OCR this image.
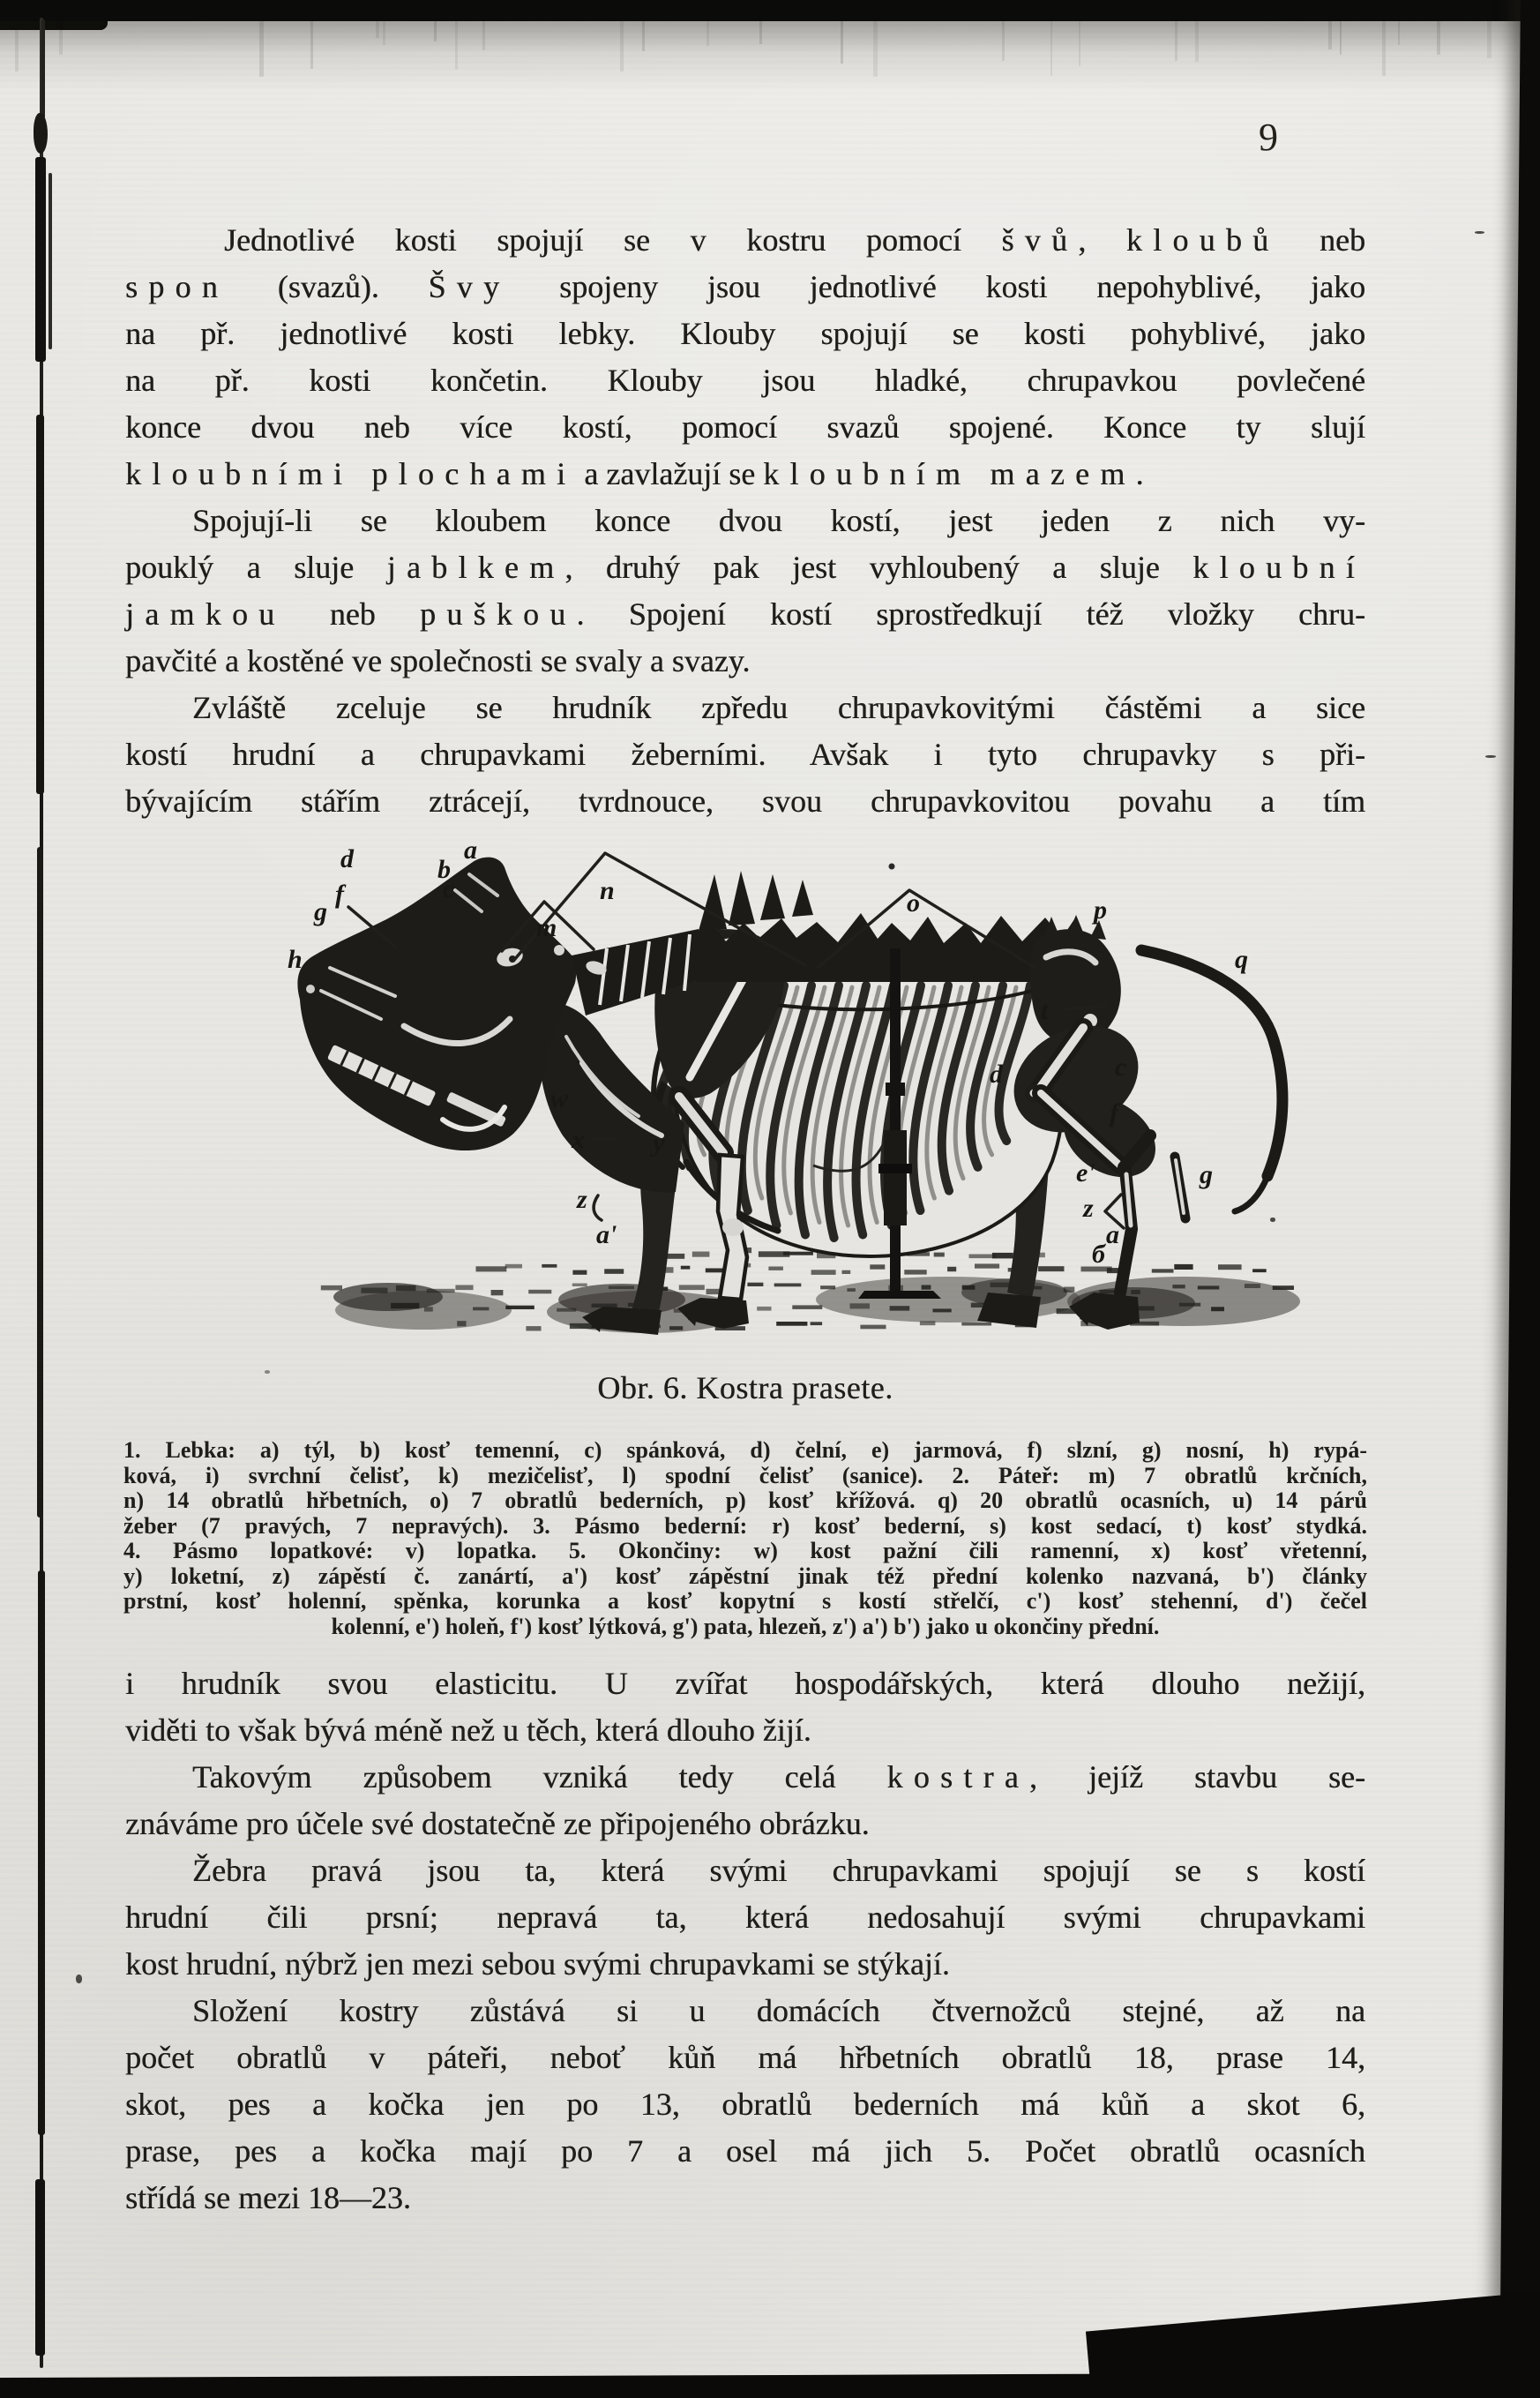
9
Jednotlivé kosti spojují se v kostru pomocí švů, kloubů neb
spon (svazů). Švy spojeny jsou jednotlivé kosti nepohyblivé, jako
na př. jednotlivé kosti lebky. Klouby spojují se kosti pohyblivé, jako
na př. kosti končetin. Klouby jsou hladké, chrupavkou povlečené
konce dvou neb více kostí, pomocí svazů spojené. Konce ty slují
kloubními plochami a zavlažují se kloubním mazem.
Spojují-li se kloubem konce dvou kostí, jest jeden z nich vy-
pouklý a sluje jablkem, druhý pak jest vyhloubený a sluje kloubní
jamkou neb puškou. Spojení kostí sprostředkují též vložky chru-
pavčité a kostěné ve společnosti se svaly a svazy.
Zvláště zceluje se hrudník zpředu chrupavkovitými částěmi a sice
kostí hrudní a chrupavkami žeberními. Avšak i tyto chrupavky s při-
bývajícím stářím ztrácejí, tvrdnouce, svou chrupavkovitou povahu a tím
i hrudník svou elasticitu. U zvířat hospodářských, která dlouho nežijí,
viděti to však bývá méně než u těch, která dlouho žijí.
Takovým způsobem vzniká tedy celá kostra, jejíž stavbu se-
znáváme pro účele své dostatečně ze připojeného obrázku.
Žebra pravá jsou ta, která svými chrupavkami spojují se s kostí
hrudní čili prsní; nepravá ta, která nedosahují svými chrupavkami
kost hrudní, nýbrž jen mezi sebou svými chrupavkami se stýkají.
Složení kostry zůstává si u domácích čtvernožců stejné, až na
počet obratlů v páteři, neboť kůň má hřbetních obratlů 18, prase 14,
skot, pes a kočka jen po 13, obratlů bederních má kůň a skot 6,
prase, pes a kočka mají po 7 a osel má jich 5. Počet obratlů ocasních
střídá se mezi 18—23.
d	b
a
c
f
g
h
m
n	o	p
q
t
d	c
f
e'
z
g
a
б
w
x	y
z
a'
Obr. 6. Kostra prasete.
1. Lebka: a) týl, b) kosť temenní, c) spánková, d) čelní, e) jarmová, f) slzní, g) nosní, h) rypá-
ková, i) svrchní čelisť, k) mezičelisť, l) spodní čelisť (sanice). 2. Páteř: m) 7 obratlů krčních,
n) 14 obratlů hřbetních, o) 7 obratlů bederních, p) kosť křížová. q) 20 obratlů ocasních, u) 14 párů
žeber (7 pravých, 7 nepravých). 3. Pásmo bederní: r) kosť bederní, s) kost sedací, t) kosť stydká.
4. Pásmo lopatkové: v) lopatka. 5. Okončiny: w) kost pažní čili ramenní, x) kosť vřetenní,
y) loketní, z) zápěstí č. zanártí, a') kosť zápěstní jinak též přední kolenko nazvaná, b') články
prstní, kosť holenní, spěnka, korunka a kosť kopytní s kostí střelčí, c') kosť stehenní, d') čečel
kolenní, e') holeň, f') kosť lýtková, g') pata, hlezeň, z') a') b') jako u okončiny přední.
